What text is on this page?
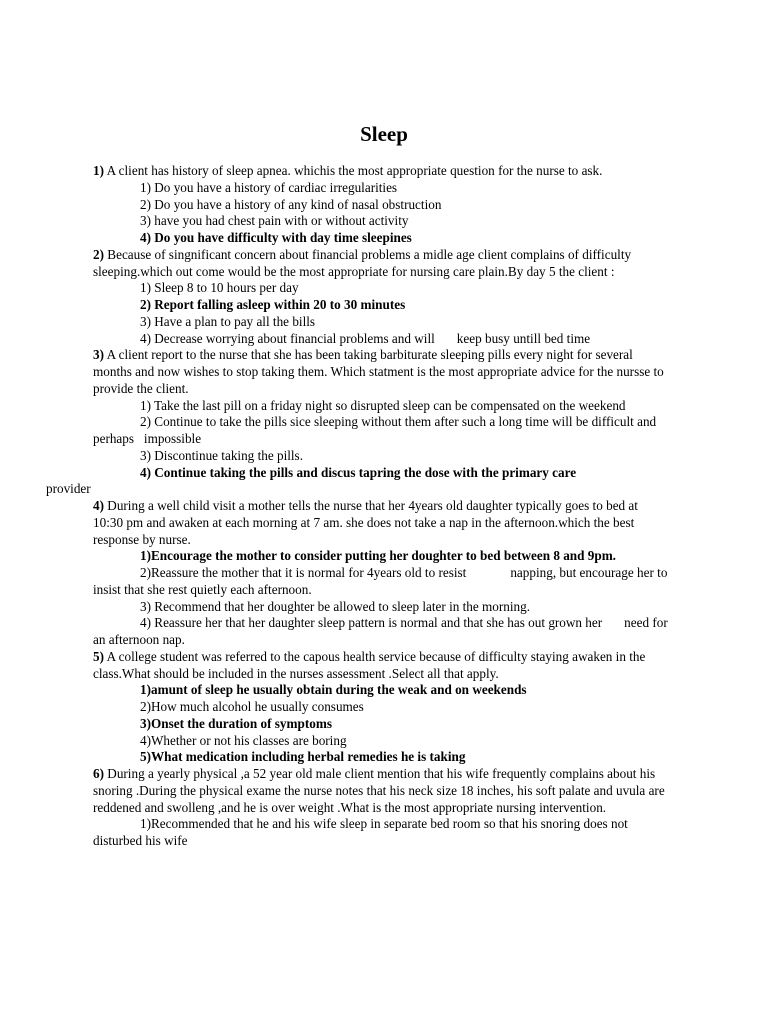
Sleep

1) A client has history of sleep apnea. whichis the most appropriate question for the nurse to ask.

1) Do you have a history of cardiac irregularities

2) Do you have a history of any kind of nasal obstruction

3) have you had chest pain with or without activity

4) Do you have difficulty with day time sleepines

2) Because of singnificant concern about financial problems a midle age client complains of difficulty sleeping.which out come would be the most appropriate for nursing care plain.By day 5 the client :

1) Sleep 8 to 10 hours per day

2) Report falling asleep within 20 to 30 minutes

3) Have a plan to pay all the bills

4) Decrease worrying about financial problems and will keep busy untill bed time

3) A client report to the nurse that she has been taking barbiturate sleeping pills every night for several months and now wishes to stop taking them. Which statment is the most appropriate advice for the nursse to provide the client.

1) Take the last pill on a friday night so disrupted sleep can be compensated on the weekend

2) Continue to take the pills sice sleeping without them after such a long time will be difficult and perhaps impossible

3) Discontinue taking the pills.

4) Continue taking the pills and discus tapring the dose with the primary care
provider

4) During a well child visit a mother tells the nurse that her 4years old daughter typically goes to bed at 10:30 pm and awaken at each morning at 7 am. she does not take a nap in the afternoon.which the best response by nurse.

1)Encourage the mother to consider putting her doughter to bed between 8 and 9pm.

2)Reassure the mother that it is normal for 4years old to resist	napping, but encourage her to insist that she rest quietly each afternoon.

3) Recommend that her doughter be allowed to sleep later in the morning.

4) Reassure her that her daughter sleep pattern is normal and that she has out grown her need for an afternoon nap.

5) A college student was referred to the capous health service because of difficulty staying awaken in the class.What should be included in the nurses assessment .Select all that apply.

1)amunt of sleep he usually obtain during the weak and on weekends

2)How much alcohol he usually consumes

3)Onset the duration of symptoms

4)Whether or not his classes are boring

5)What medication including herbal remedies he is taking

6) During a yearly physical ,a 52 year old male client mention that his wife frequently complains about his snoring .During the physical exame the nurse notes that his neck size 18 inches, his soft palate and uvula are reddened and swolleng ,and he is over weight .What is the most appropriate nursing intervention.

1)Recommended that he and his wife sleep in separate bed room so that his snoring does not disturbed his wife
